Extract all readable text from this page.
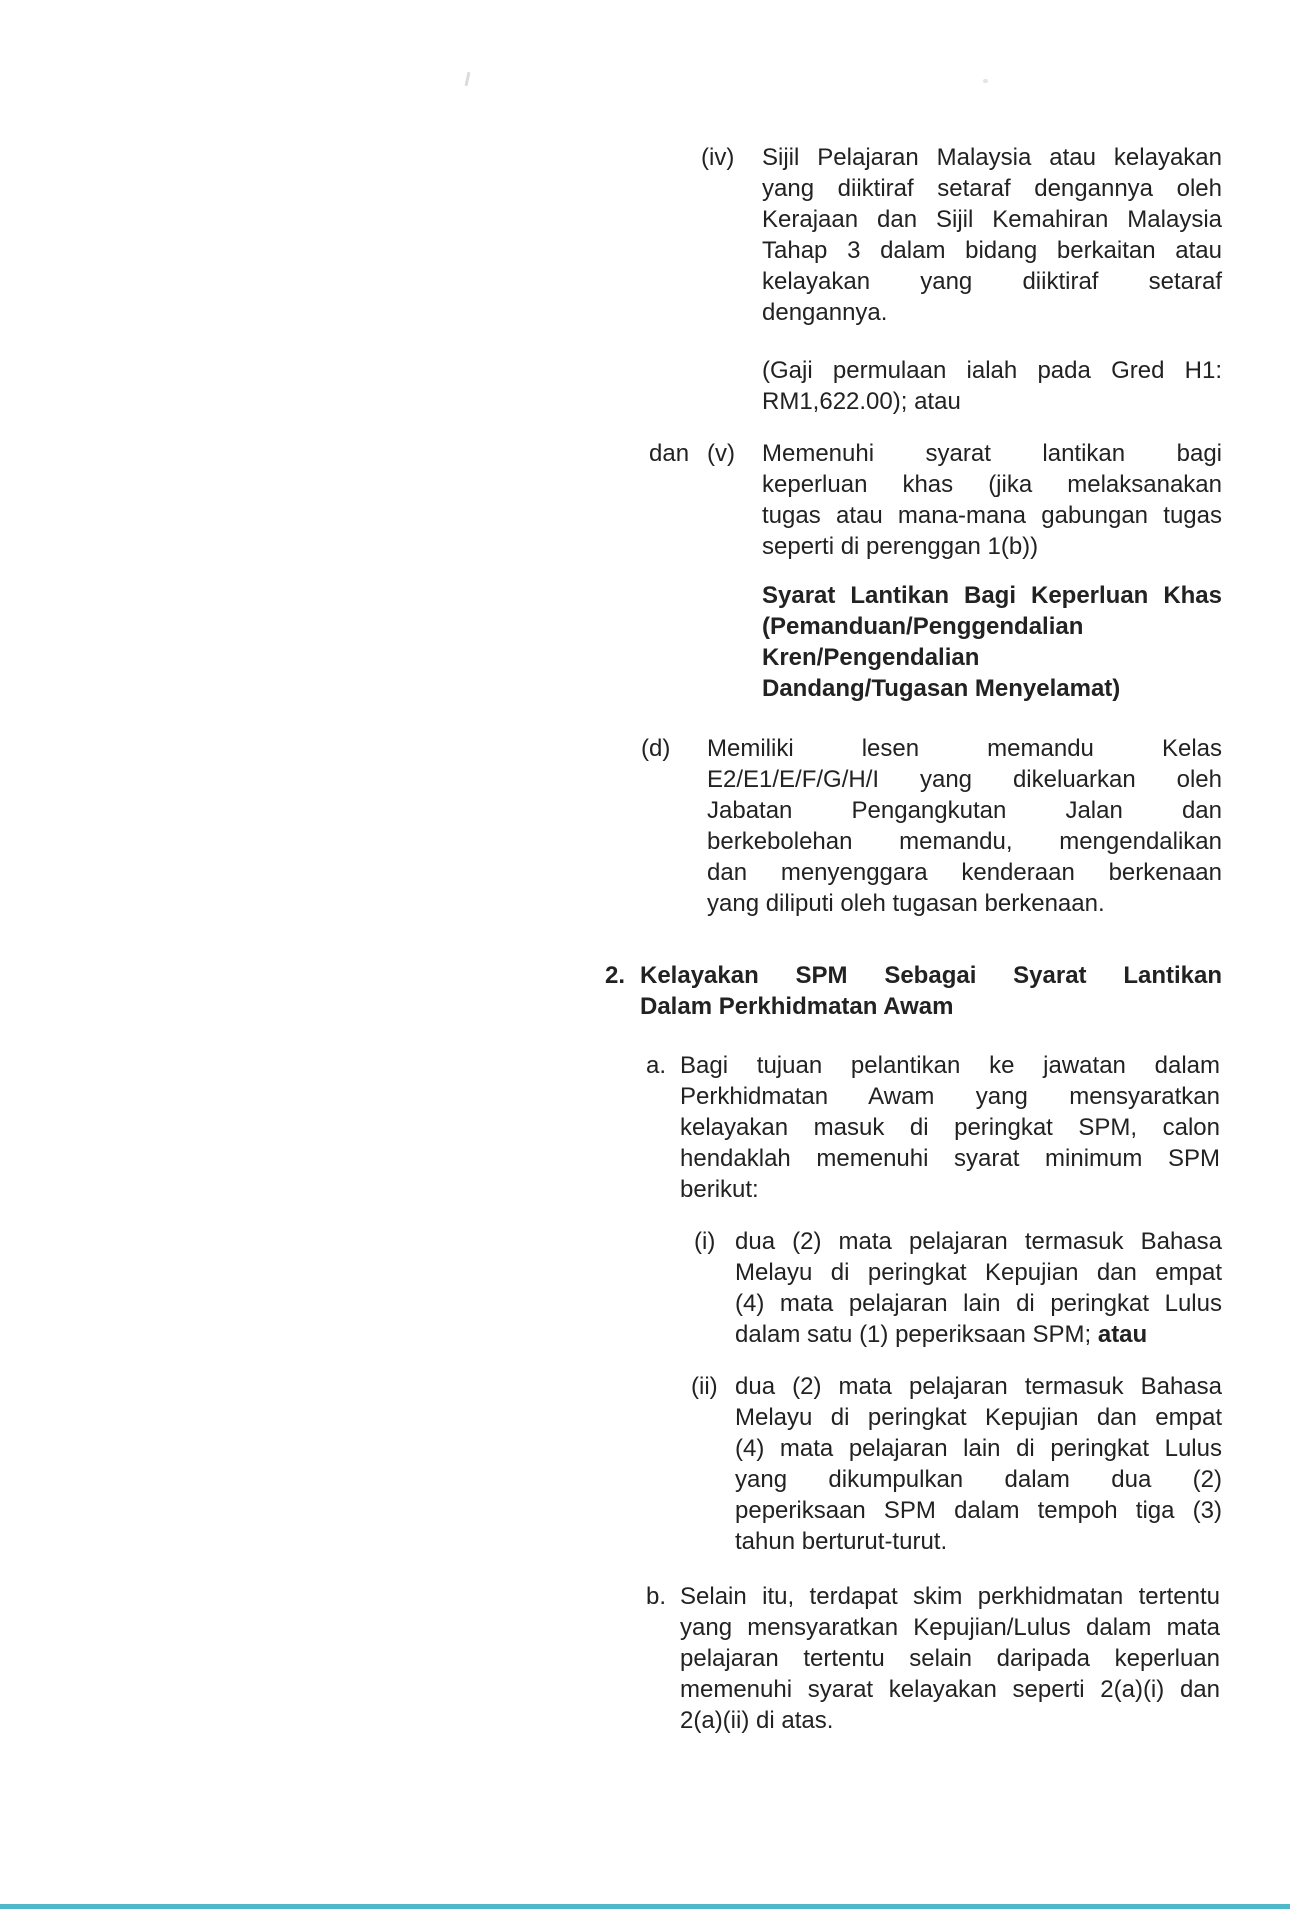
(iv) Sijil Pelajaran Malaysia atau kelayakan
yang diiktiraf setaraf dengannya oleh
Kerajaan dan Sijil Kemahiran Malaysia
Tahap 3 dalam bidang berkaitan atau
kelayakan yang diiktiraf setaraf
dengannya.
(Gaji permulaan ialah pada Gred H1:
RM1,622.00); atau
dan (v) Memenuhi syarat lantikan bagi
keperluan khas (jika melaksanakan
tugas atau mana-mana gabungan tugas
seperti di perenggan 1(b))
Syarat Lantikan Bagi Keperluan Khas
(Pemanduan/Penggendalian
Kren/Pengendalian
Dandang/Tugasan Menyelamat)
(d) Memiliki lesen memandu Kelas
E2/E1/E/F/G/H/I yang dikeluarkan oleh
Jabatan Pengangkutan Jalan dan
berkebolehan memandu, mengendalikan
dan menyenggara kenderaan berkenaan
yang diliputi oleh tugasan berkenaan.
2. Kelayakan SPM Sebagai Syarat Lantikan
Dalam Perkhidmatan Awam
a. Bagi tujuan pelantikan ke jawatan dalam
Perkhidmatan Awam yang mensyaratkan
kelayakan masuk di peringkat SPM, calon
hendaklah memenuhi syarat minimum SPM
berikut:
(i) dua (2) mata pelajaran termasuk Bahasa
Melayu di peringkat Kepujian dan empat
(4) mata pelajaran lain di peringkat Lulus
dalam satu (1) peperiksaan SPM; atau
(ii) dua (2) mata pelajaran termasuk Bahasa
Melayu di peringkat Kepujian dan empat
(4) mata pelajaran lain di peringkat Lulus
yang dikumpulkan dalam dua (2)
peperiksaan SPM dalam tempoh tiga (3)
tahun berturut-turut.
b. Selain itu, terdapat skim perkhidmatan tertentu
yang mensyaratkan Kepujian/Lulus dalam mata
pelajaran tertentu selain daripada keperluan
memenuhi syarat kelayakan seperti 2(a)(i) dan
2(a)(ii) di atas.
